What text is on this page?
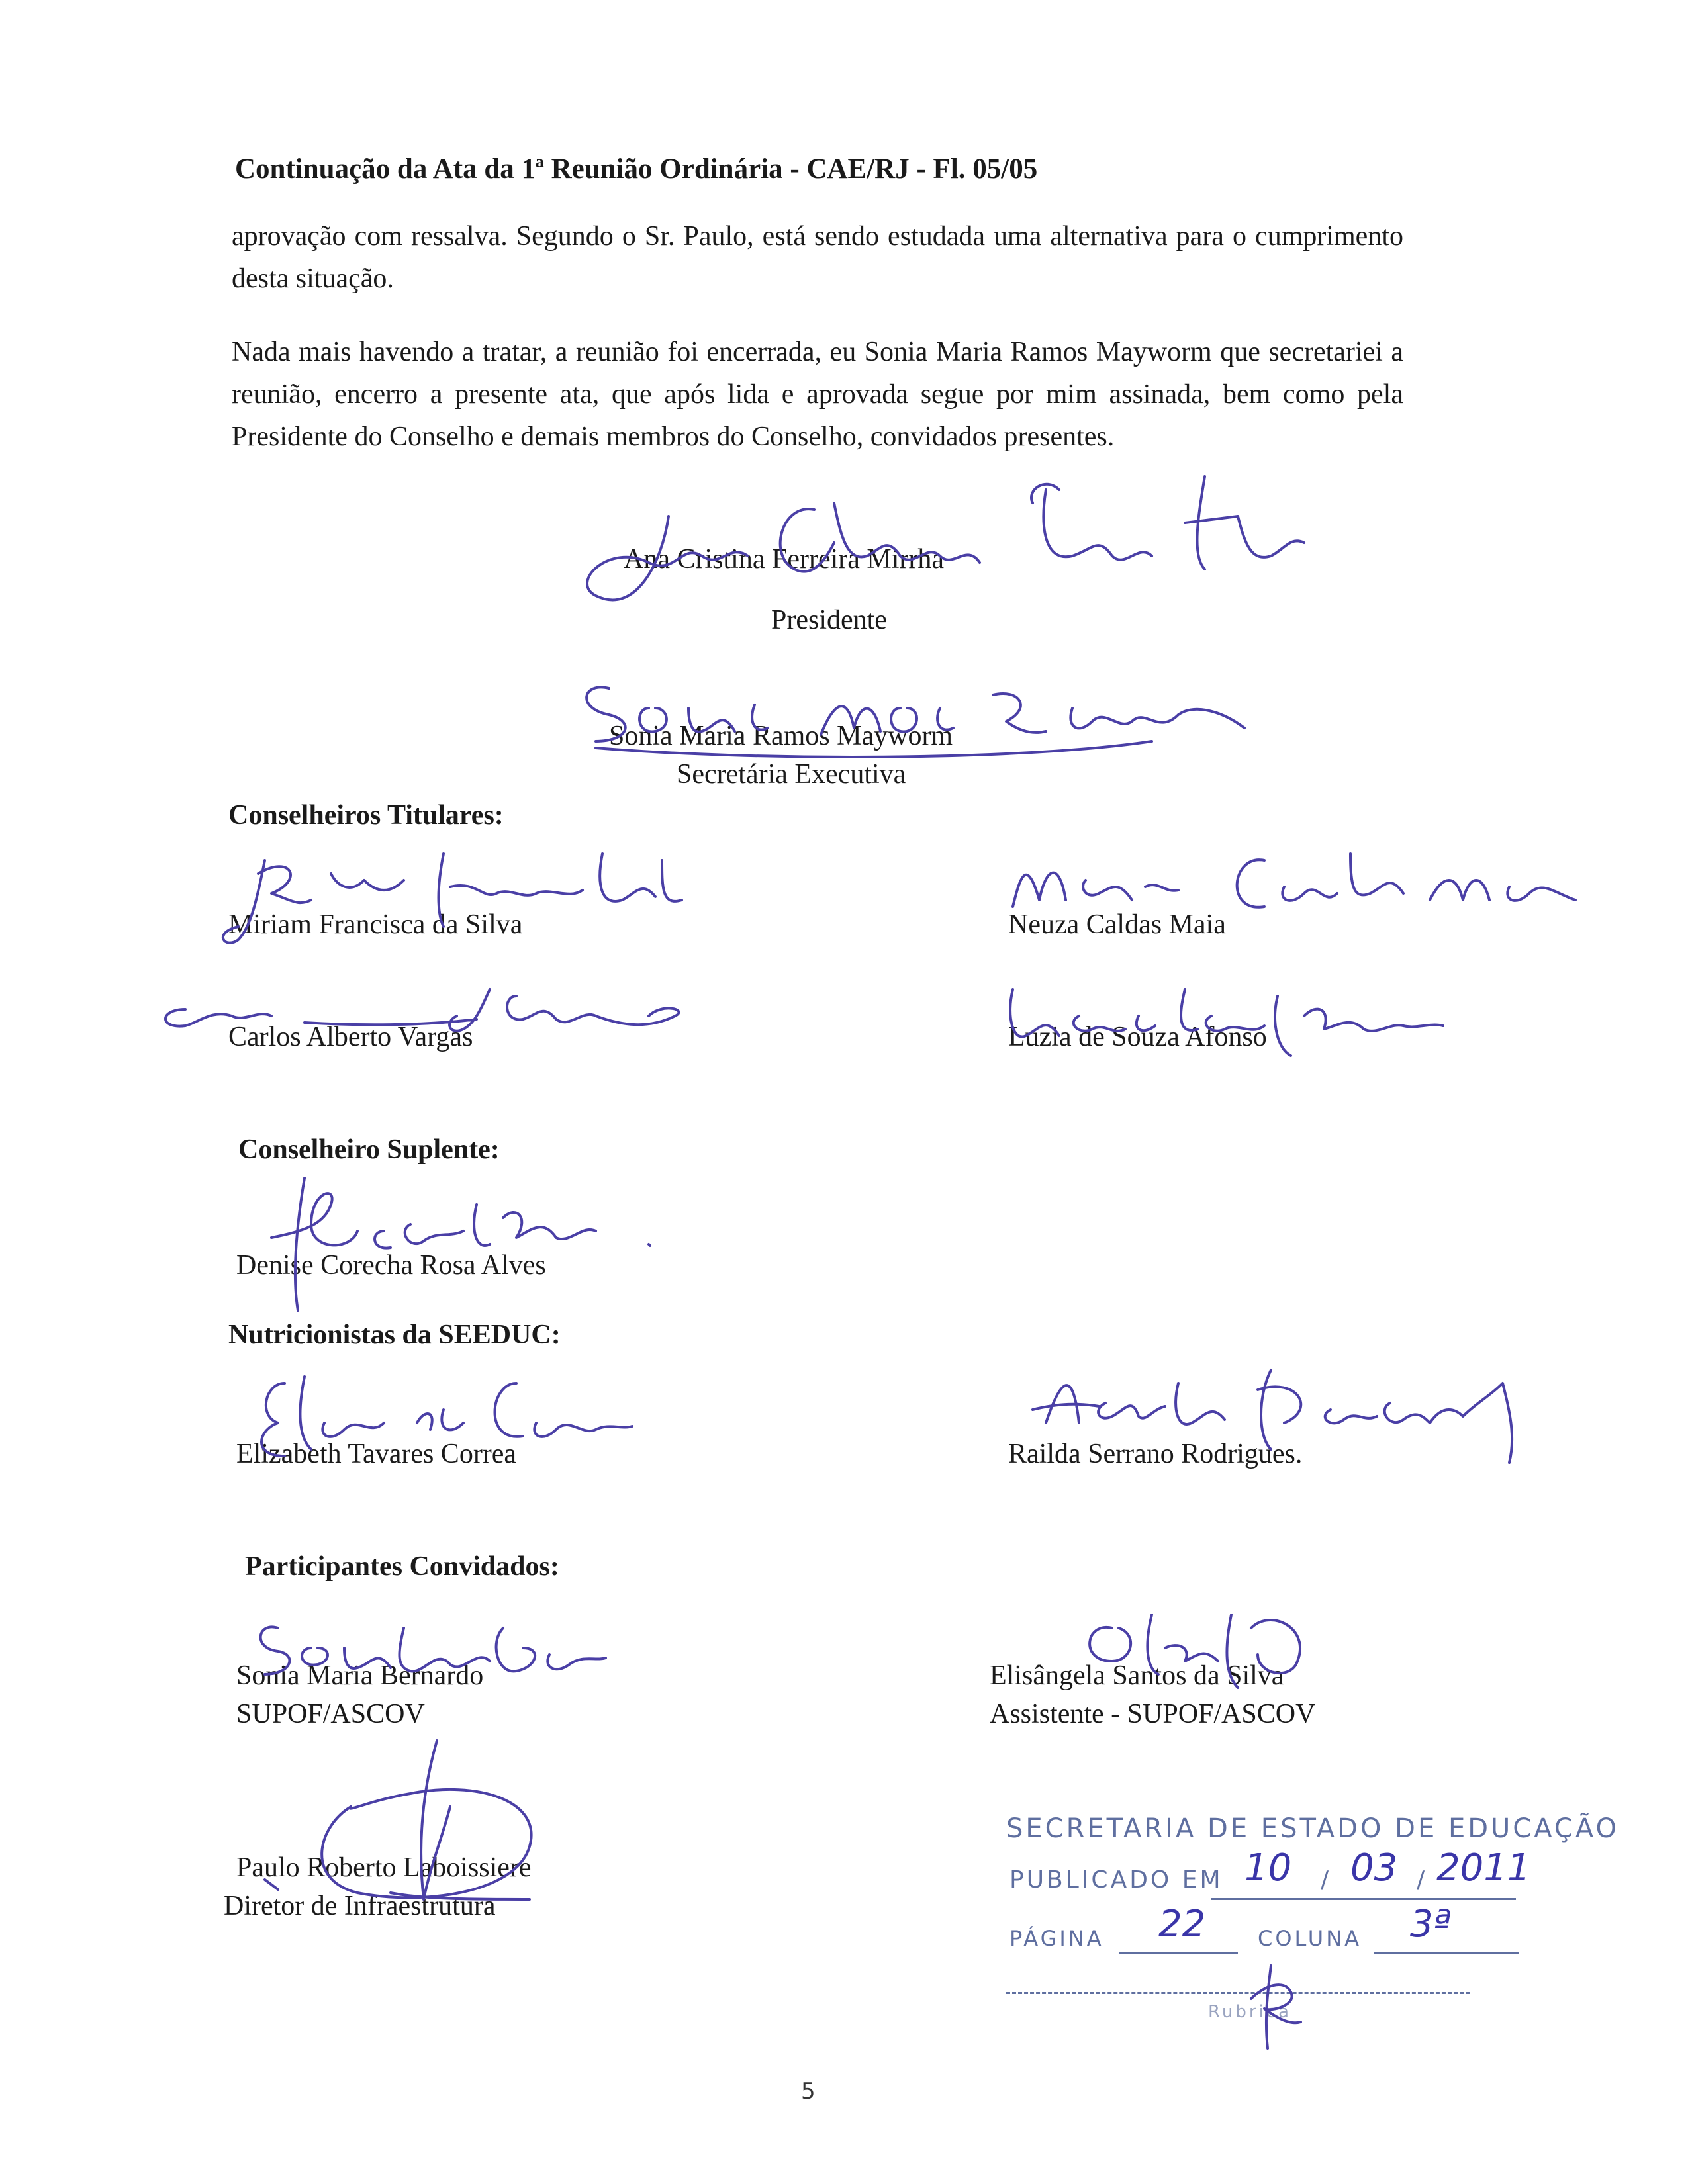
Continuação da Ata da 1ª Reunião Ordinária - CAE/RJ - Fl. 05/05
aprovação com ressalva. Segundo o Sr. Paulo, está sendo estudada uma alternativa para o cumprimento desta situação.
Nada mais havendo a tratar, a reunião foi encerrada, eu Sonia Maria Ramos Mayworm que secretariei a reunião, encerro a presente ata, que após lida e aprovada segue por mim assinada, bem como pela Presidente do Conselho e demais membros do Conselho, convidados presentes.
Ana Cristina Ferreira Mirrha
Presidente
Sonia Maria Ramos Mayworm
Secretária Executiva
Conselheiros Titulares:
Miriam Francisca da Silva	Neuza Caldas Maia
Carlos Alberto Vargas	Luzia de Souza Afonso
Conselheiro Suplente:
Denise Corecha Rosa Alves
Nutricionistas da SEEDUC:
Elizabeth Tavares Correa	Railda Serrano Rodrigues.
Participantes Convidados:
Sonia Maria Bernardo
SUPOF/ASCOV
Elisângela Santos da Silva
Assistente - SUPOF/ASCOV
Paulo Roberto Laboissiere
Diretor de Infraestrutura
SECRETARIA DE ESTADO DE EDUCAÇÃO
PUBLICADO EM 10 / 03 / 2011
PÁGINA 22 COLUNA 3ª
Rubrica
5
